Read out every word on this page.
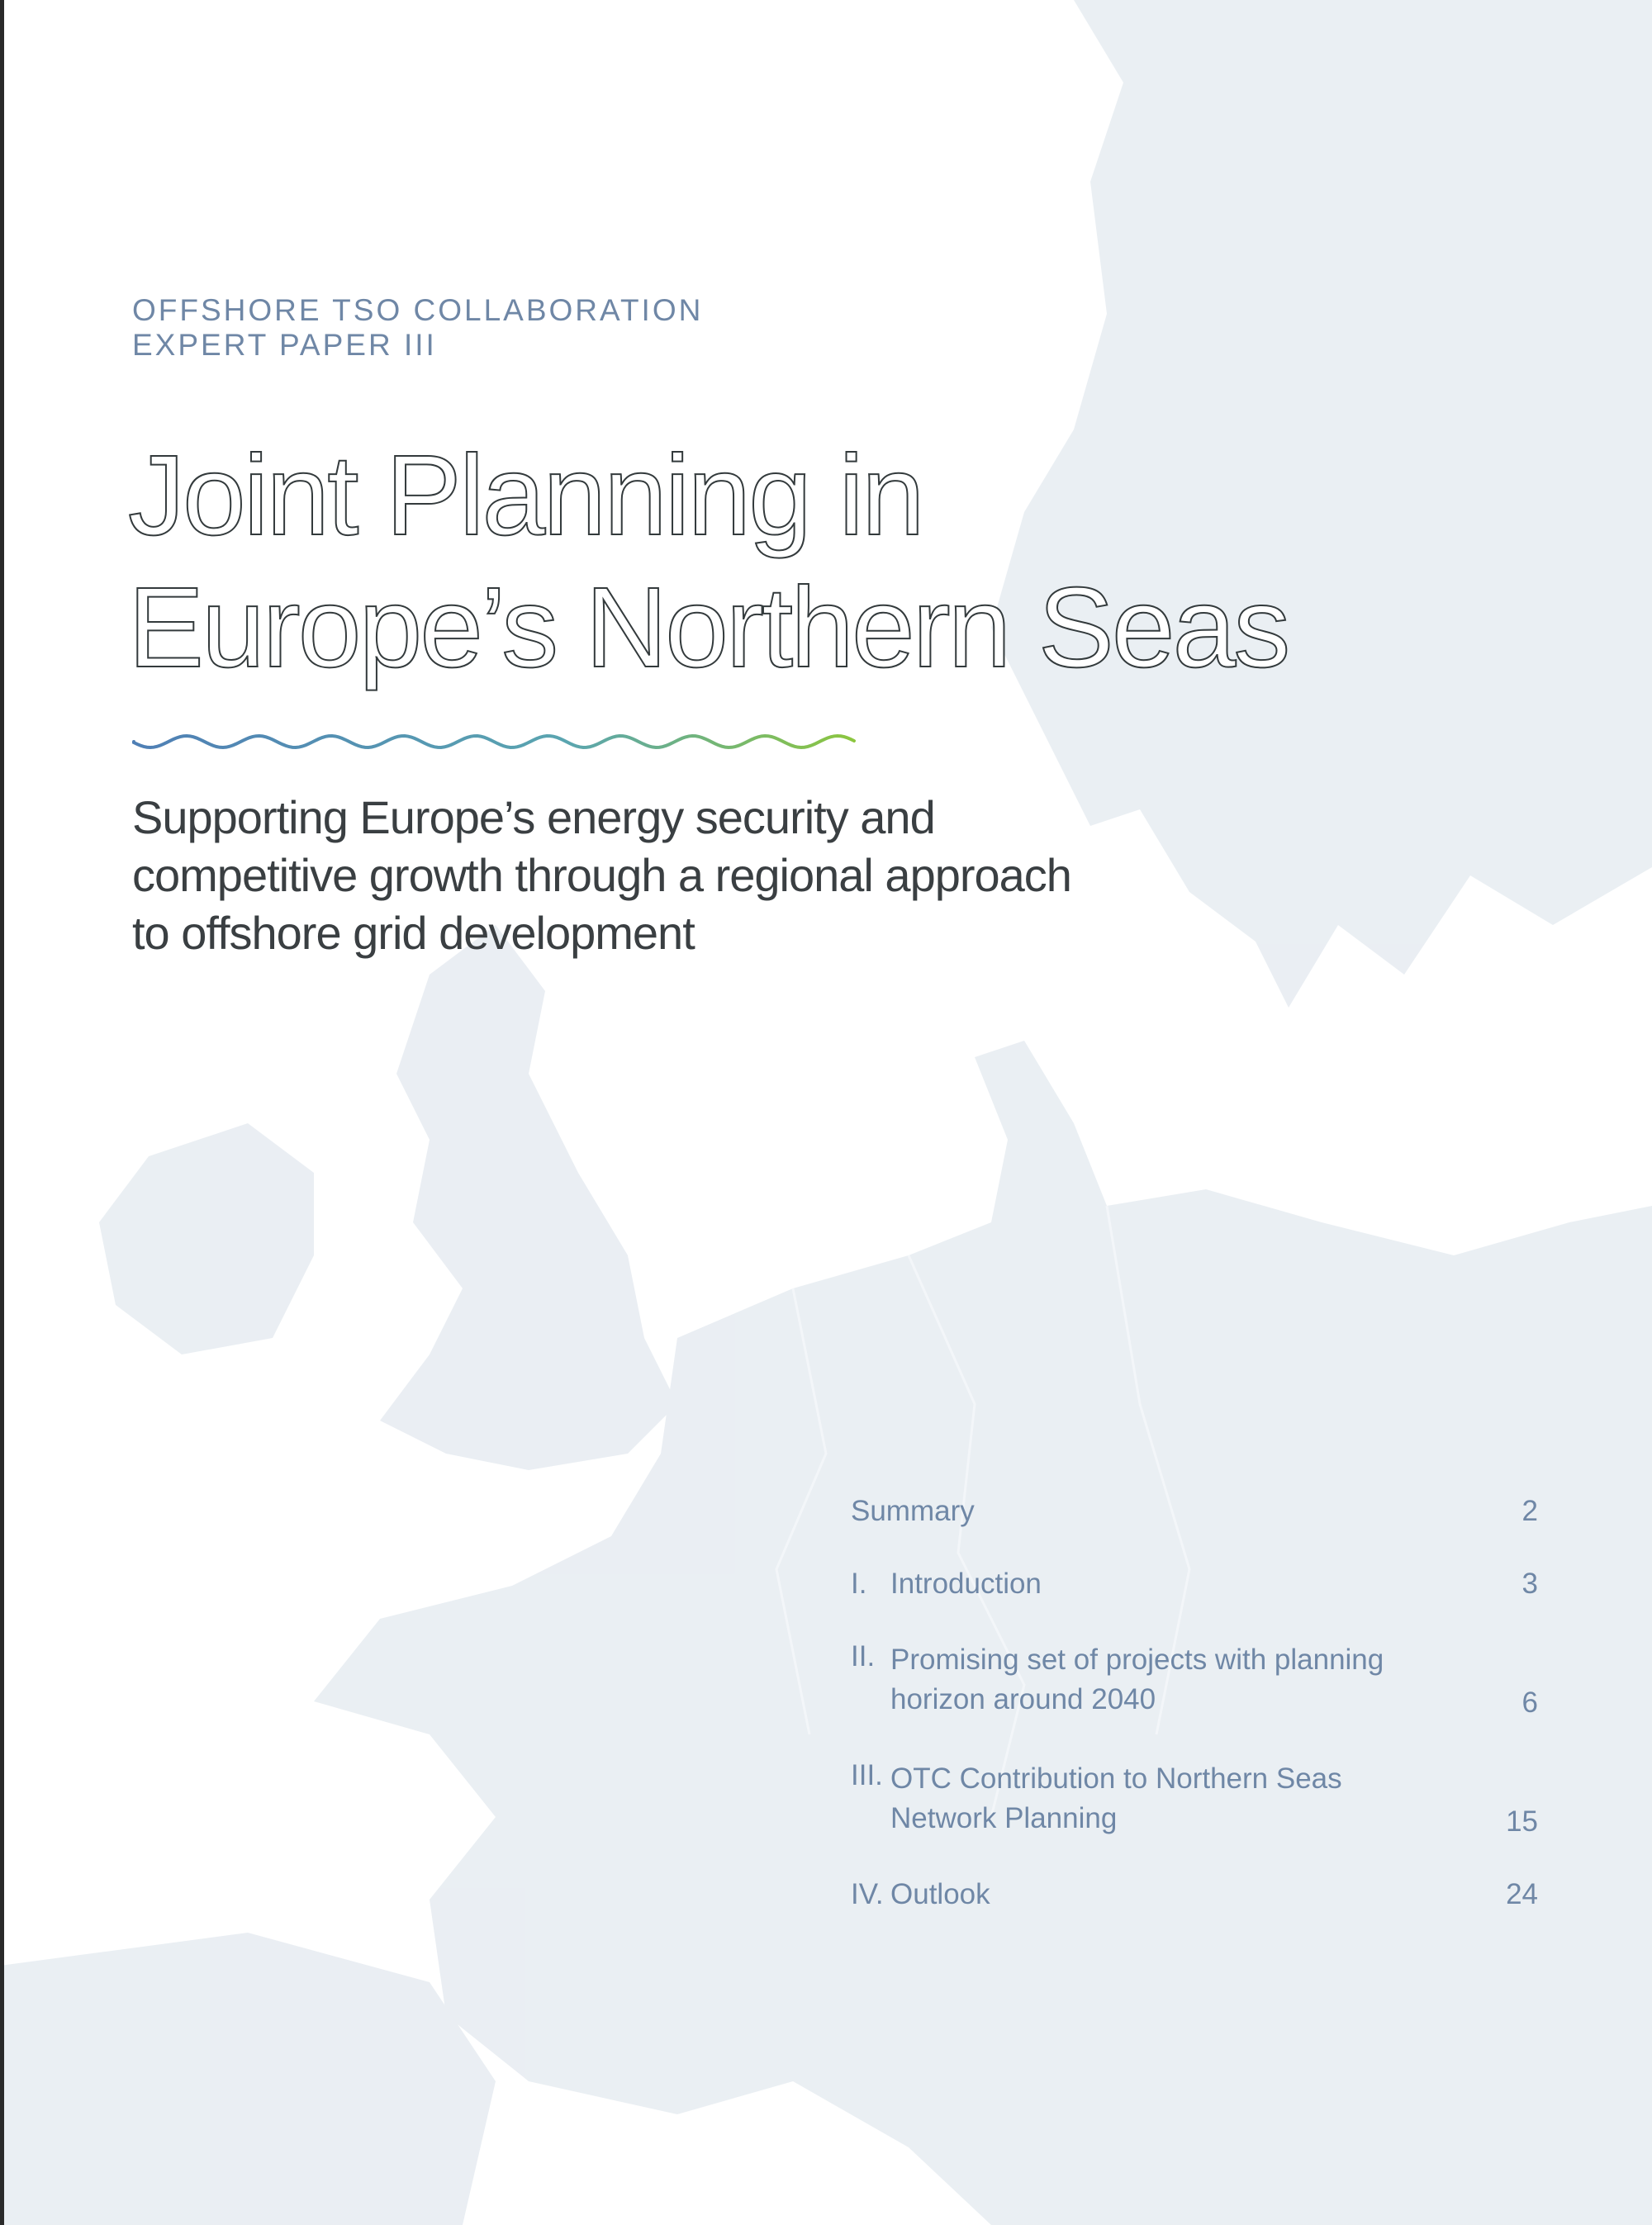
OFFSHORE TSO COLLABORATION
EXPERT PAPER III
Joint Planning in
Europe’s Northern Seas
Supporting Europe’s energy security and
competitive growth through a regional approach
to offshore grid development
Summary	2
I. Introduction	3
II. Promising set of projects with planning
horizon around 2040	6
III. OTC Contribution to Northern Seas
Network Planning	15
IV. Outlook	24
